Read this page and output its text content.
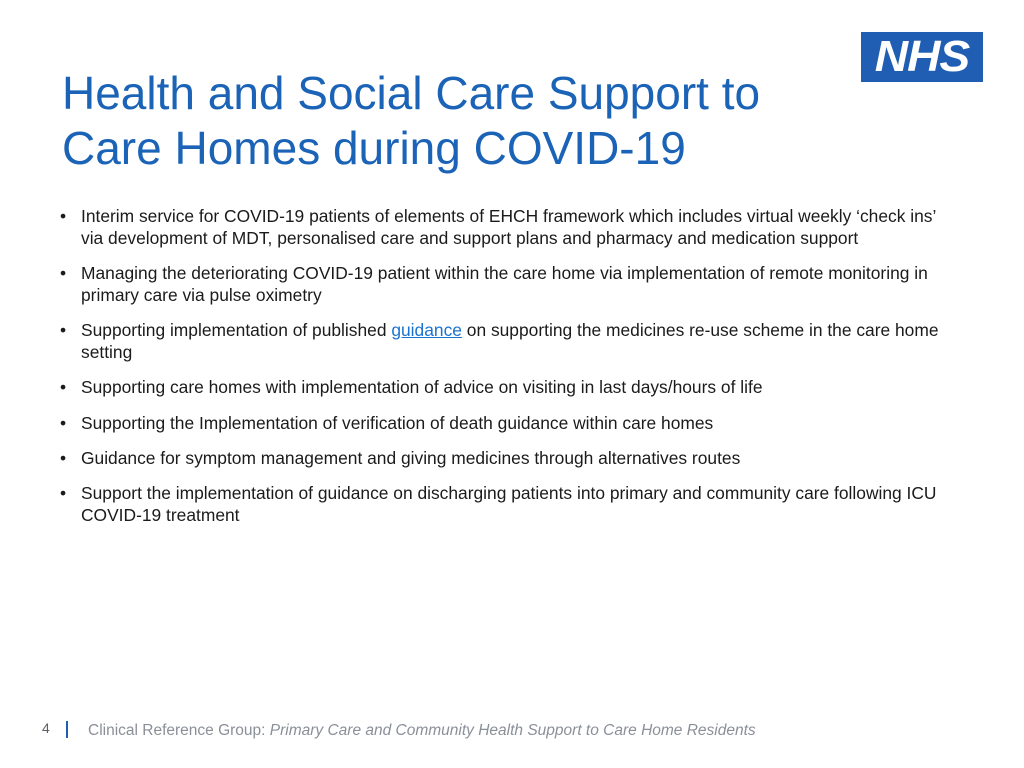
NHS
Health and Social Care Support to
Care Homes during COVID-19
• Interim service for COVID-19 patients of elements of EHCH framework which includes virtual weekly ‘check ins’ via development of MDT, personalised care and support plans and pharmacy and medication support
• Managing the deteriorating COVID-19 patient within the care home via implementation of remote monitoring in primary care via pulse oximetry
• Supporting implementation of published guidance on supporting the medicines re-use scheme in the care home setting
• Supporting care homes with implementation of advice on visiting in last days/hours of life
• Supporting the Implementation of verification of death guidance within care homes
• Guidance for symptom management and giving medicines through alternatives routes
• Support the implementation of guidance on discharging patients into primary and community care following ICU COVID-19 treatment
4 Clinical Reference Group: Primary Care and Community Health Support to Care Home Residents
